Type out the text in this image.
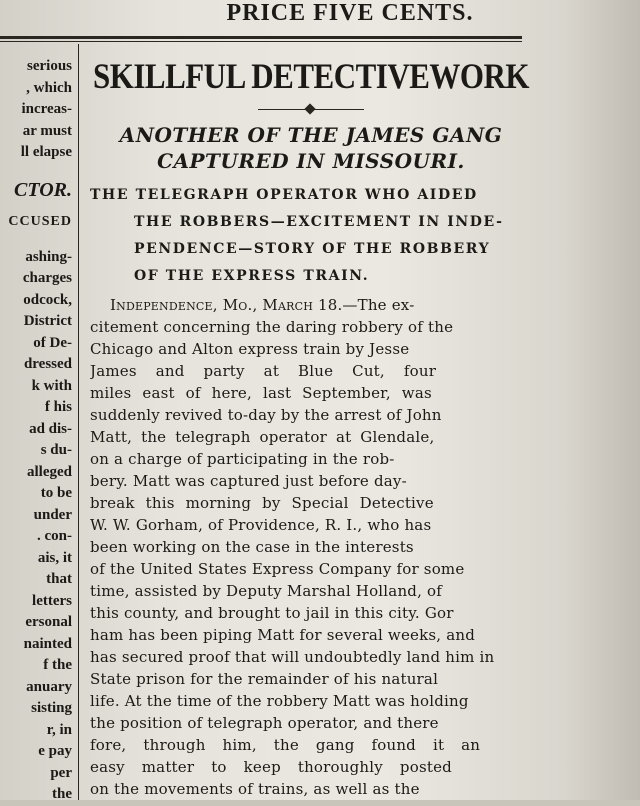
PRICE FIVE CENTS.
serious
, which
increas-
ar must
ll elapse
CTOR.
CCUSED
ashing-
charges
odcock,
District
of De-
dressed
k with
f his
ad dis-
s du-
alleged
to be
under
. con-
ais, it
that
letters
ersonal
nainted
f the
anuary
sisting
r, in
e pay
per
the
SKILLFUL DETECTIVEWORK
ANOTHER OF THE JAMES GANG
CAPTURED IN MISSOURI.
THE TELEGRAPH OPERATOR WHO AIDED
THE ROBBERS—EXCITEMENT IN INDE-
PENDENCE—STORY OF THE ROBBERY
OF THE EXPRESS TRAIN.
Independence, Mo., March 18.—The ex-
citement concerning the daring robbery of the
Chicago and Alton express train by Jesse
James and party at Blue Cut, four
miles east of here, last September, was
suddenly revived to-day by the arrest of John
Matt, the telegraph operator at Glendale,
on a charge of participating in the rob-
bery. Matt was captured just before day-
break this morning by Special Detective
W. W. Gorham, of Providence, R. I., who has
been working on the case in the interests
of the United States Express Company for some
time, assisted by Deputy Marshal Holland, of
this county, and brought to jail in this city. Gor
ham has been piping Matt for several weeks, and
has secured proof that will undoubtedly land him in
State prison for the remainder of his natural
life. At the time of the robbery Matt was holding
the position of telegraph operator, and there
fore, through him, the gang found it an
easy matter to keep thoroughly posted
on the movements of trains, as well as the
